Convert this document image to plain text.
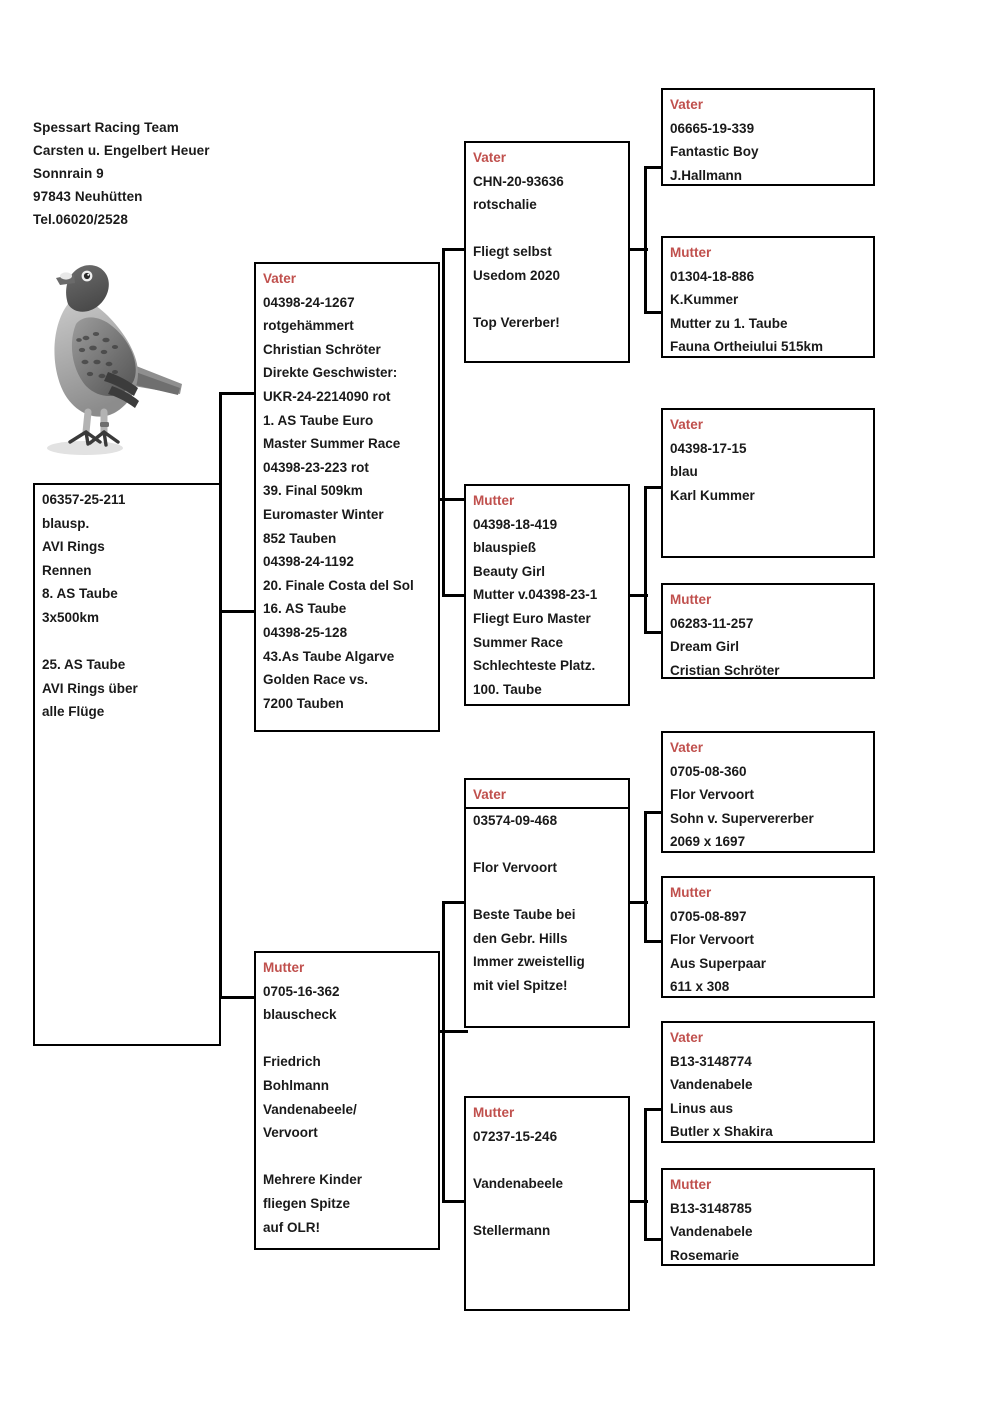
Spessart Racing Team
Carsten u. Engelbert Heuer
Sonnrain 9
97843 Neuhütten
Tel.06020/2528
06357-25-211
blausp.
AVI Rings
Rennen
8. AS Taube
3x500km
25. AS Taube
AVI Rings über
alle Flüge
Vater
04398-24-1267
rotgehämmert
Christian Schröter
Direkte Geschwister:
UKR-24-2214090 rot
1. AS Taube Euro
Master Summer Race
04398-23-223 rot
39. Final 509km
Euromaster Winter
852 Tauben
04398-24-1192
20. Finale Costa del Sol
16. AS Taube
04398-25-128
43.As Taube Algarve
Golden Race vs.
7200 Tauben
Mutter
0705-16-362
blauscheck
Friedrich
Bohlmann
Vandenabeele/
Vervoort
Mehrere Kinder
fliegen Spitze
auf OLR!
Vater
CHN-20-93636
rotschalie
Fliegt selbst
Usedom 2020
Top Vererber!
Mutter
04398-18-419
blauspieß
Beauty Girl
Mutter v.04398-23-1
Fliegt Euro Master
Summer Race
Schlechteste Platz.
100. Taube
Vater
03574-09-468
Flor Vervoort
Beste Taube bei
den Gebr. Hills
Immer zweistellig
mit viel Spitze!
Mutter
07237-15-246
Vandenabeele
Stellermann
Vater
06665-19-339
Fantastic Boy
J.Hallmann
Mutter
01304-18-886
K.Kummer
Mutter zu 1. Taube
Fauna Ortheiului 515km
Vater
04398-17-15
blau
Karl Kummer
Mutter
06283-11-257
Dream Girl
Cristian Schröter
Vater
0705-08-360
Flor Vervoort
Sohn v. Supervererber
2069 x 1697
Mutter
0705-08-897
Flor Vervoort
Aus Superpaar
611 x 308
Vater
B13-3148774
Vandenabele
Linus aus
Butler x Shakira
Mutter
B13-3148785
Vandenabele
Rosemarie
